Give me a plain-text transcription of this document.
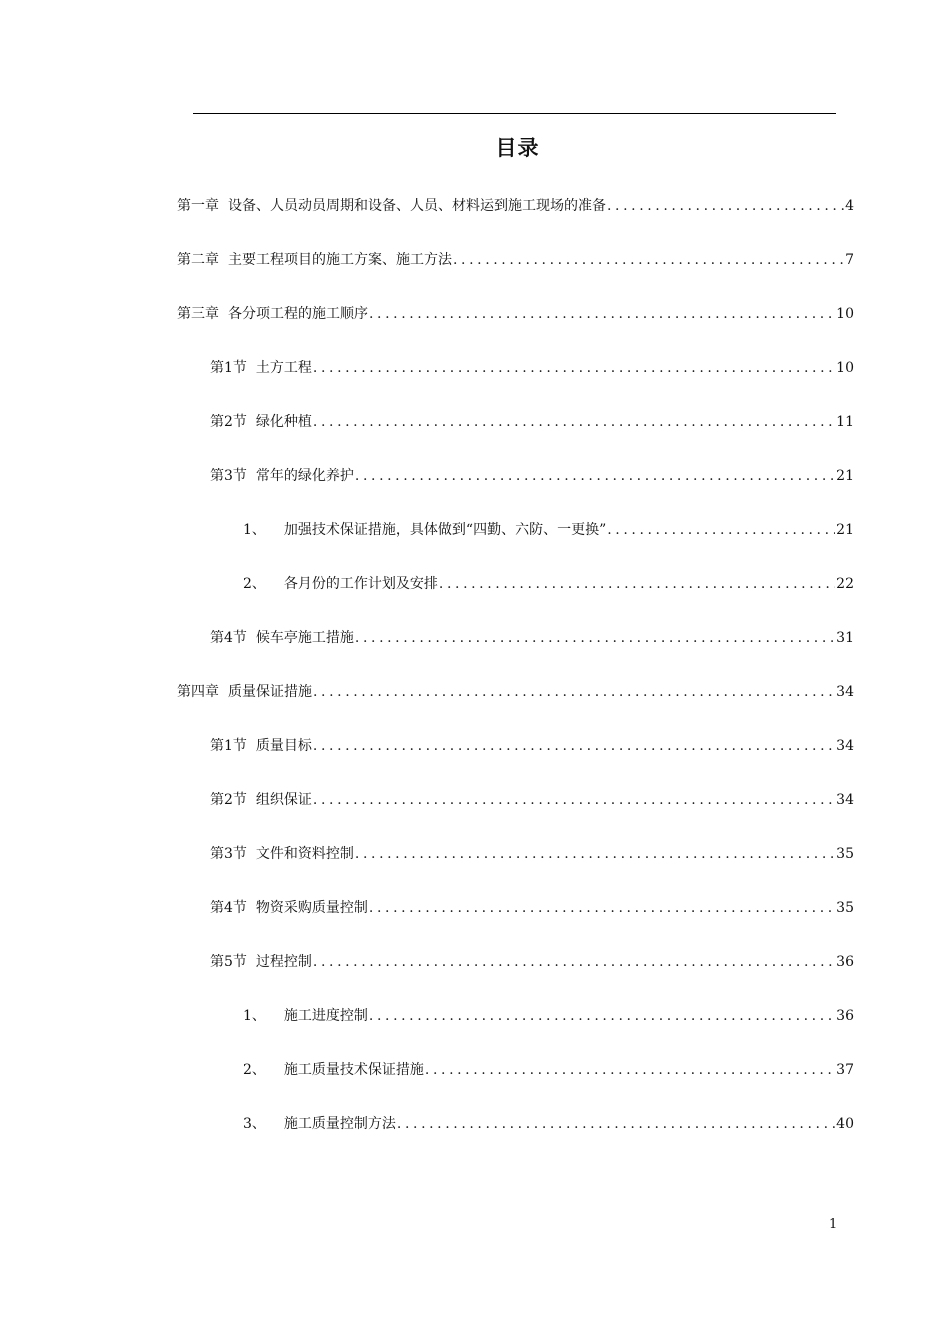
目录
第一章 设备、人员动员周期和设备、人员、材料运到施工现场的准备 .....	4
第二章 主要工程项目的施工方案、施工方法 .....	7
第三章 各分项工程的施工顺序 .....	10
第1节 土方工程 .....	10
第2节 绿化种植 .....	11
第3节 常年的绿化养护 .....	21
1、 加强技术保证措施，具体做到“四勤、六防、一更换” .....	21
2、 各月份的工作计划及安排 .....	22
第4节 候车亭施工措施 .....	31
第四章 质量保证措施 .....	34
第1节 质量目标 .....	34
第2节 组织保证 .....	34
第3节 文件和资料控制 .....	35
第4节 物资采购质量控制 .....	35
第5节 过程控制 .....	36
1、 施工进度控制 .....	36
2、 施工质量技术保证措施 .....	37
3、 施工质量控制方法 .....	40
1
